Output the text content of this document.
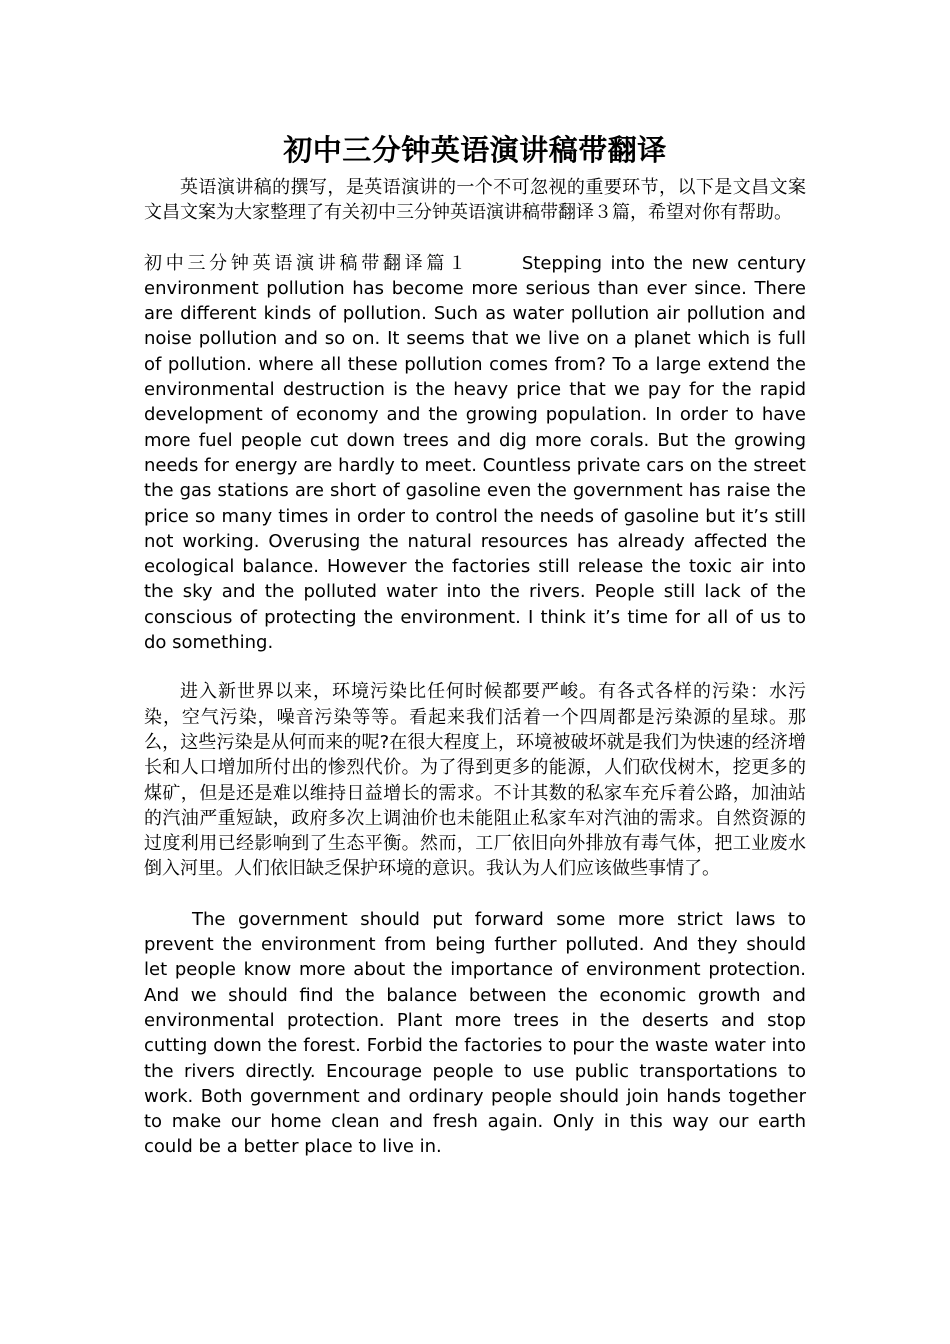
初中三分钟英语演讲稿带翻译

英语演讲稿的撰写，是英语演讲的一个不可忽视的重要环节，以下是文昌文案文昌文案为大家整理了有关初中三分钟英语演讲稿带翻译３篇，希望对你有帮助。

初中三分钟英语演讲稿带翻译篇１	Stepping into the new century environment pollution has become more serious than ever since. There are different kinds of pollution. Such as water pollution air pollution and noise pollution and so on. It seems that we live on a planet which is full of pollution. where all these pollution comes from? To a large extend the environmental destruction is the heavy price that we pay for the rapid development of economy and the growing population. In order to have more fuel people cut down trees and dig more corals. But the growing needs for energy are hardly to meet. Countless private cars on the street the gas stations are short of gasoline even the government has raise the price so many times in order to control the needs of gasoline but it’s still not working. Overusing the natural resources has already affected the ecological balance. However the factories still release the toxic air into the sky and the polluted water into the rivers. People still lack of the conscious of protecting the environment. I think it’s time for all of us to do something.

进入新世界以来，环境污染比任何时候都要严峻。有各式各样的污染：水污染，空气污染，噪音污染等等。看起来我们活着一个四周都是污染源的星球。那么，这些污染是从何而来的呢?在很大程度上，环境被破坏就是我们为快速的经济增长和人口增加所付出的惨烈代价。为了得到更多的能源，人们砍伐树木，挖更多的煤矿，但是还是难以维持日益增长的需求。不计其数的私家车充斥着公路，加油站的汽油严重短缺，政府多次上调油价也未能阻止私家车对汽油的需求。自然资源的过度利用已经影响到了生态平衡。然而，工厂依旧向外排放有毒气体，把工业废水倒入河里。人们依旧缺乏保护环境的意识。我认为人们应该做些事情了。

The government should put forward some more strict laws to prevent the environment from being further polluted. And they should let people know more about the importance of environment protection. And we should find the balance between the economic growth and environmental protection. Plant more trees in the deserts and stop cutting down the forest. Forbid the factories to pour the waste water into the rivers directly. Encourage people to use public transportations to work. Both government and ordinary people should join hands together to make our home clean and fresh again. Only in this way our earth could be a better place to live in.
